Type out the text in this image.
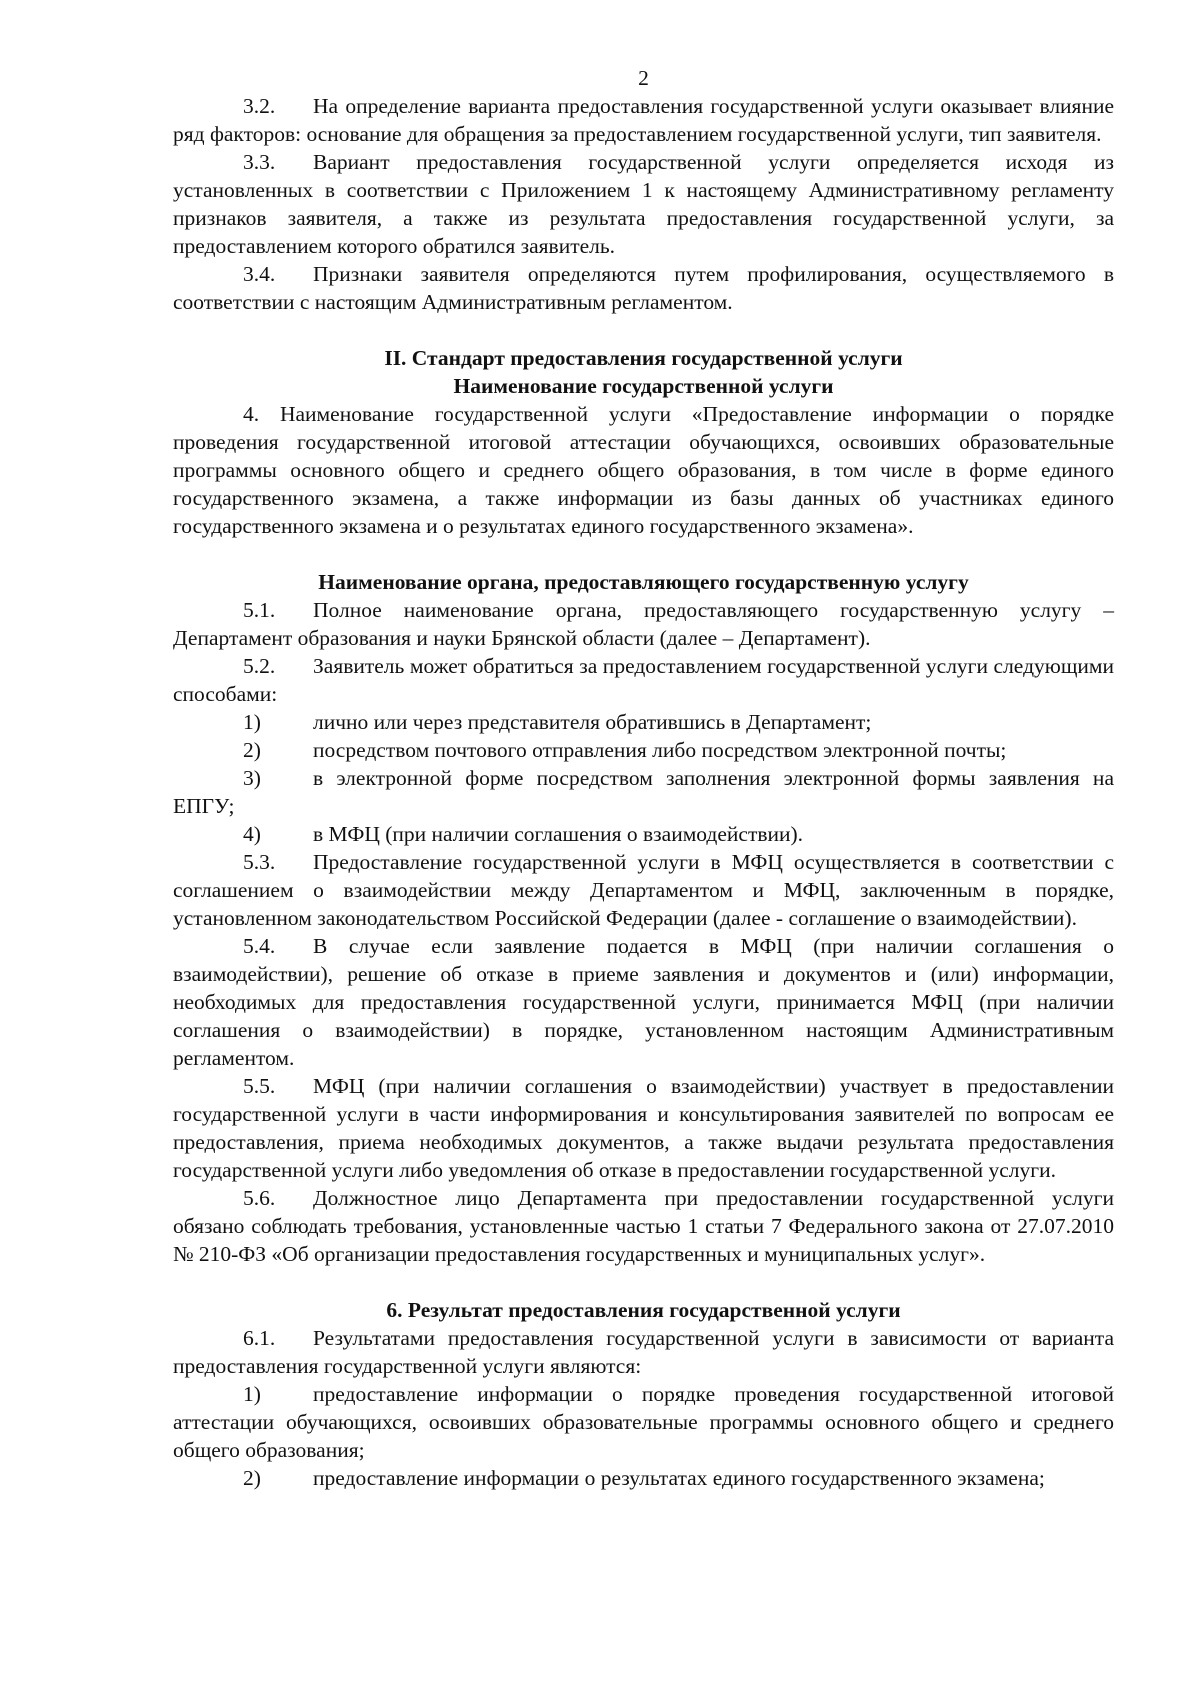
2

3.2. На определение варианта предоставления государственной услуги оказывает влияние ряд факторов: основание для обращения за предоставлением государственной услуги, тип заявителя.

3.3. Вариант предоставления государственной услуги определяется исходя из установленных в соответствии с Приложением 1 к настоящему Административному регламенту признаков заявителя, а также из результата предоставления государственной услуги, за предоставлением которого обратился заявитель.

3.4. Признаки заявителя определяются путем профилирования, осуществляемого в соответствии с настоящим Административным регламентом.

II. Стандарт предоставления государственной услуги

Наименование государственной услуги

4. Наименование государственной услуги «Предоставление информации о порядке проведения государственной итоговой аттестации обучающихся, освоивших образовательные программы основного общего и среднего общего образования, в том числе в форме единого государственного экзамена, а также информации из базы данных об участниках единого государственного экзамена и о результатах единого государственного экзамена».

Наименование органа, предоставляющего государственную услугу

5.1. Полное наименование органа, предоставляющего государственную услугу – Департамент образования и науки Брянской области (далее – Департамент).

5.2. Заявитель может обратиться за предоставлением государственной услуги следующими способами:

1) лично или через представителя обратившись в Департамент;

2) посредством почтового отправления либо посредством электронной почты;

3) в электронной форме посредством заполнения электронной формы заявления на ЕПГУ;

4) в МФЦ (при наличии соглашения о взаимодействии).

5.3. Предоставление государственной услуги в МФЦ осуществляется в соответствии с соглашением о взаимодействии между Департаментом и МФЦ, заключенным в порядке, установленном законодательством Российской Федерации (далее - соглашение о взаимодействии).

5.4. В случае если заявление подается в МФЦ (при наличии соглашения о взаимодействии), решение об отказе в приеме заявления и документов и (или) информации, необходимых для предоставления государственной услуги, принимается МФЦ (при наличии соглашения о взаимодействии) в порядке, установленном настоящим Административным регламентом.

5.5. МФЦ (при наличии соглашения о взаимодействии) участвует в предоставлении государственной услуги в части информирования и консультирования заявителей по вопросам ее предоставления, приема необходимых документов, а также выдачи результата предоставления государственной услуги либо уведомления об отказе в предоставлении государственной услуги.

5.6. Должностное лицо Департамента при предоставлении государственной услуги обязано соблюдать требования, установленные частью 1 статьи 7 Федерального закона от 27.07.2010 № 210-ФЗ «Об организации предоставления государственных и муниципальных услуг».

6. Результат предоставления государственной услуги

6.1. Результатами предоставления государственной услуги в зависимости от варианта предоставления государственной услуги являются:

1) предоставление информации о порядке проведения государственной итоговой аттестации обучающихся, освоивших образовательные программы основного общего и среднего общего образования;

2) предоставление информации о результатах единого государственного экзамена;
